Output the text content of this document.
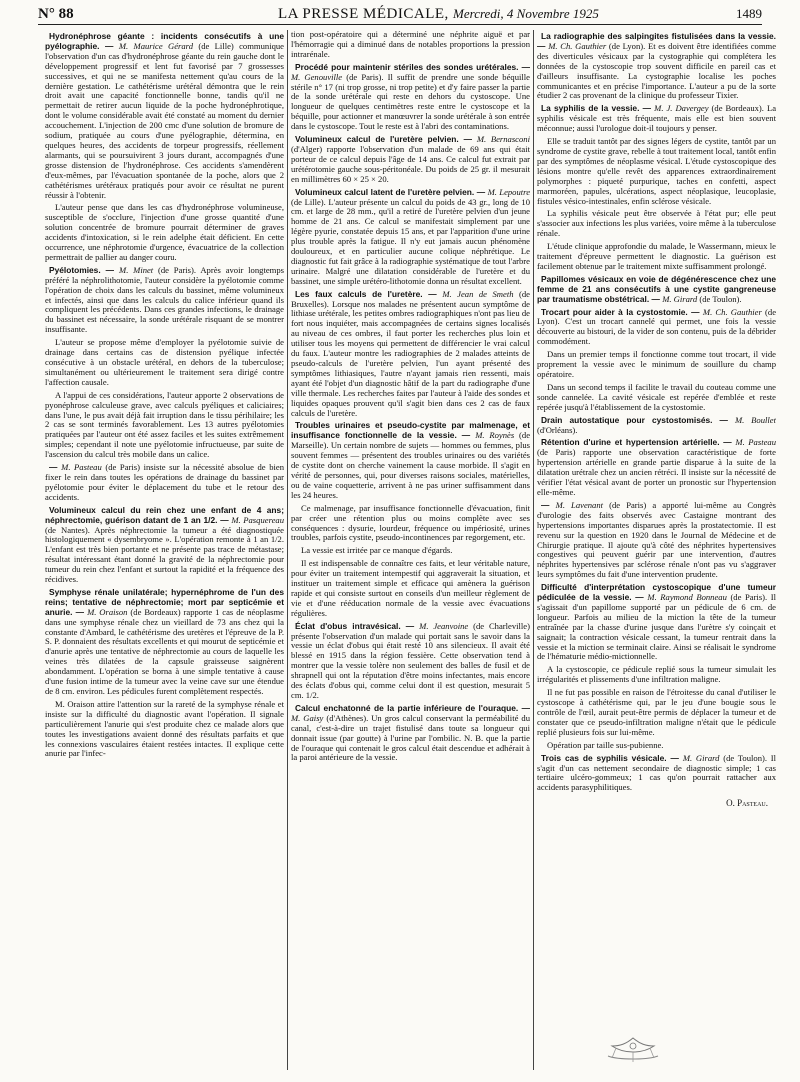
N° 88	LA PRESSE MÉDICALE, Mercredi, 4 Novembre 1925	1489

Hydronéphrose géante : incidents consécutifs à une pyélographie. — M. Maurice Gérard (de Lille) communique l'observation d'un cas d'hydronéphrose géante du rein gauche dont le développement progressif et lent fut favorisé par 7 grossesses successives, et qui ne se manifesta nettement qu'au cours de la dernière gestation. Le cathétérisme urétéral démontra que le rein droit avait une capacité fonctionnelle bonne, tandis qu'il ne permettait de retirer aucun liquide de la poche hydronéphrotique, dont le volume considérable avait été constaté au moment du dernier accouchement. L'injection de 200 cmc d'une solution de bromure de sodium, pratiquée au cours d'une pyélographie, détermina, en quelques heures, des accidents de torpeur progressifs, réellement alarmants, qui se poursuivirent 3 jours durant, accompagnés d'une grosse distension de l'hydronéphrose. Ces accidents s'amendèrent d'eux-mêmes, par l'évacuation spontanée de la poche, alors que 2 cathétérismes urétéraux pratiqués pour avoir ce résultat ne purent réussir à l'obtenir.

L'auteur pense que dans les cas d'hydronéphrose volumineuse, susceptible de s'occlure, l'injection d'une grosse quantité d'une solution concentrée de bromure pourrait déterminer de graves accidents d'intoxication, si le rein adelphe était déficient. En cette occurrence, une néphrotomie d'urgence, évacuatrice de la collection permettrait de pallier au danger couru.

Pyélotomies. — M. Minet (de Paris). Après avoir longtemps préféré la néphrolithotomie, l'auteur considère la pyélotomie comme l'opération de choix dans les calculs du bassinet, même volumineux et infectés, ainsi que dans les calculs du calice inférieur quand ils compliquent les précédents. Dans ces grandes infections, le drainage du bassinet est nécessaire, la sonde urétérale risquant de se montrer insuffisante.

L'auteur se propose même d'employer la pyélotomie suivie de drainage dans certains cas de distension pyélique infectée consécutive à un obstacle urétéral, en dehors de la tuberculose; simultanément ou ultérieurement le traitement sera dirigé contre l'affection causale.

A l'appui de ces considérations, l'auteur apporte 2 observations de pyonéphrose calculeuse grave, avec calculs pyéliques et caliciaires; dans l'une, le pus avait déjà fait irruption dans le tissu périhilaire; les 2 cas se sont terminés favorablement. Les 13 autres pyélotomies pratiquées par l'auteur ont été assez faciles et les suites extrêmement simples; cependant il note une pyélotomie infructueuse, par suite de l'ascension du calcul très mobile dans un calice.

— M. Pasteau (de Paris) insiste sur la nécessité absolue de bien fixer le rein dans toutes les opérations de drainage du bassinet par pyélotomie pour éviter le déplacement du tube et le retour des accidents.

Volumineux calcul du rein chez une enfant de 4 ans; néphrectomie, guérison datant de 1 an 1/2. — M. Pasquereau (de Nantes). Après néphrectomie la tumeur a été diagnostiquée histologiquement « dysembryome ». L'opération remonte à 1 an 1/2. L'enfant est très bien portante et ne présente pas trace de métastase; résultat intéressant étant donné la gravité de la néphrectomie pour tumeur du rein chez l'enfant et surtout la rapidité et la fréquence des récidives.

Symphyse rénale unilatérale; hypernéphrome de l'un des reins; tentative de néphrectomie; mort par septicémie et anurie. — M. Oraison (de Bordeaux) rapporte 1 cas de néoplasme dans une symphyse rénale chez un vieillard de 73 ans chez qui la constante d'Ambard, le cathétérisme des uretères et l'épreuve de la P. S. P. donnaient des résultats excellents et qui mourut de septicémie et d'anurie après une tentative de néphrectomie au cours de laquelle les veines très dilatées de la capsule graisseuse saignèrent abondamment. L'opération se borna à une simple tentative à cause d'une fusion intime de la tumeur avec la veine cave sur une étendue de 8 cm. environ. Les pédicules furent complètement respectés.

M. Oraison attire l'attention sur la rareté de la symphyse rénale et insiste sur la difficulté du diagnostic avant l'opération. Il signale particulièrement l'anurie qui s'est produite chez ce malade alors que toutes les investigations avaient donné des résultats parfaits et que les connexions vasculaires étaient restées intactes. Il explique cette anurie par l'infec-

tion post-opératoire qui a déterminé une néphrite aiguë et par l'hémorragie qui a diminué dans de notables proportions la pression intrarénale.

Procédé pour maintenir stériles des sondes urétérales. — M. Genouville (de Paris). Il suffit de prendre une sonde béquille stérile n° 17 (ni trop grosse, ni trop petite) et d'y faire passer la partie de la sonde urétérale qui reste en dehors du cystoscope. Une longueur de quelques centimètres reste entre le cystoscope et la béquille, pour actionner et manœuvrer la sonde urétérale à son entrée dans le cystoscope. Tout le reste est à l'abri des contaminations.

Volumineux calcul de l'uretère pelvien. — M. Bernasconi (d'Alger) rapporte l'observation d'un malade de 69 ans qui était porteur de ce calcul depuis l'âge de 14 ans. Ce calcul fut extrait par urétérotomie gauche sous-péritonéale. Du poids de 25 gr. il mesurait en millimètres 60 × 25 × 20.

Volumineux calcul latent de l'uretère pelvien. — M. Lepoutre (de Lille). L'auteur présente un calcul du poids de 43 gr., long de 10 cm. et large de 28 mm., qu'il a retiré de l'uretère pelvien d'un jeune homme de 21 ans. Ce calcul se manifestait simplement par une légère pyurie, constatée depuis 15 ans, et par l'apparition d'une urine plus trouble après la fatigue. Il n'y eut jamais aucun phénomène douloureux, et en particulier aucune colique néphrétique. Le diagnostic fut fait grâce à la radiographie systématique de tout l'arbre urinaire. Malgré une dilatation considérable de l'uretère et du bassinet, une simple urétéro-lithotomie donna un résultat excellent.

Les faux calculs de l'uretère. — M. Jean de Smeth (de Bruxelles). Lorsque nos malades ne présentent aucun symptôme de lithiase urétérale, les petites ombres radiographiques n'ont pas lieu de fort nous inquiéter, mais accompagnées de certains signes localisés au niveau de ces ombres, il faut porter les recherches plus loin et utiliser tous les moyens qui permettent de différencier le vrai calcul du faux. L'auteur montre les radiographies de 2 malades atteints de pseudo-calculs de l'uretère pelvien, l'un ayant présenté des symptômes lithiasiques, l'autre n'ayant jamais rien ressenti, mais ayant été l'objet d'un diagnostic hâtif de la part du radiographe d'une ville thermale. Les recherches faites par l'auteur à l'aide des sondes et liquides opaques prouvent qu'il s'agit bien dans ces 2 cas de faux calculs de l'uretère.

Troubles urinaires et pseudo-cystite par malmenage, et insuffisance fonctionnelle de la vessie. — M. Roynès (de Marseille). Un certain nombre de sujets — hommes ou femmes, plus souvent femmes — présentent des troubles urinaires ou des variétés de cystite dont on cherche vainement la cause morbide. Il s'agit en vérité de personnes, qui, pour diverses raisons sociales, matérielles, ou de vaine coquetterie, arrivent à ne pas uriner suffisamment dans les 24 heures.

Ce malmenage, par insuffisance fonctionnelle d'évacuation, finit par créer une rétention plus ou moins complète avec ses conséquences : dysurie, lourdeur, fréquence ou impériosité, urines troubles, parfois cystite, pseudo-incontinences par regorgement, etc.

La vessie est irritée par ce manque d'égards.

Il est indispensable de connaître ces faits, et leur véritable nature, pour éviter un traitement intempestif qui aggraverait la situation, et instituer un traitement simple et efficace qui amènera la guérison rapide et qui consiste surtout en conseils d'un meilleur règlement de vie et d'une rééducation normale de la vessie avec évacuations régulières.

Éclat d'obus intravésical. — M. Jeanvoine (de Charleville) présente l'observation d'un malade qui portait sans le savoir dans la vessie un éclat d'obus qui était resté 10 ans silencieux. Il avait été blessé en 1915 dans la région fessière. Cette observation tend à montrer que la vessie tolère non seulement des balles de fusil et de shrapnell qui ont la réputation d'être moins infectantes, mais encore des éclats d'obus qui, comme celui dont il est question, mesurait 5 cm. 1/2.

Calcul enchatonné de la partie inférieure de l'ouraque. — M. Gaisy (d'Athènes). Un gros calcul conservant la perméabilité du canal, c'est-à-dire un trajet fistulisé dans toute sa longueur qui donnait issue (par goutte) à l'urine par l'ombilic. N. B. que la partie de l'ouraque qui contenait le gros calcul était descendue et adhérait à la paroi antérieure de la vessie.

La radiographie des salpingites fistulisées dans la vessie. — M. Ch. Gauthier (de Lyon). Et es doivent être identifiées comme des diverticules vésicaux par la cystographie qui complétera les données de la cystoscopie trop souvent difficile en pareil cas et d'ailleurs insuffisante. La cystographie localise les poches communicantes et en précise l'importance. L'auteur a pu de la sorte étudier 2 cas provenant de la clinique du professeur Tixier.

La syphilis de la vessie. — M. J. Davergey (de Bordeaux). La syphilis vésicale est très fréquente, mais elle est bien souvent méconnue; aussi l'urologue doit-il toujours y penser.

Elle se traduit tantôt par des signes légers de cystite, tantôt par un syndrome de cystite grave, rebelle à tout traitement local, tantôt enfin par des symptômes de néoplasme vésical. L'étude cystoscopique des lésions montre qu'elle revêt des apparences extraordinairement polymorphes : piqueté purpurique, taches en confetti, aspect marmoréen, papules, ulcérations, aspect néoplasique, leucoplasie, fistules vésico-intestinales, enfin sclérose vésicale.

La syphilis vésicale peut être observée à l'état pur; elle peut s'associer aux infections les plus variées, voire même à la tuberculose rénale.

L'étude clinique approfondie du malade, le Wassermann, mieux le traitement d'épreuve permettent le diagnostic. La guérison est facilement obtenue par le traitement mixte suffisamment prolongé.

Papillomes vésicaux en voie de dégénérescence chez une femme de 21 ans consécutifs à une cystite gangreneuse par traumatisme obstétrical. — M. Girard (de Toulon).

Trocart pour aider à la cystostomie. — M. Ch. Gauthier (de Lyon). C'est un trocart cannelé qui permet, une fois la vessie découverte au bistouri, de la vider de son contenu, puis de la débrider commodément.

Dans un premier temps il fonctionne comme tout trocart, il vide proprement la vessie avec le minimum de souillure du champ opératoire.

Dans un second temps il facilite le travail du couteau comme une sonde cannelée. La cavité vésicale est repérée d'emblée et reste repérée jusqu'à l'établissement de la cystostomie.

Drain autostatique pour cystostomisés. — M. Boullet (d'Orléans).

Rétention d'urine et hypertension artérielle. — M. Pasteau (de Paris) rapporte une observation caractéristique de forte hypertension artérielle en grande partie disparue à la suite de la dilatation urétrale chez un ancien rétréci. Il insiste sur la nécessité de vérifier l'état vésical avant de porter un pronostic sur l'hypertension elle-même.

— M. Lavenant (de Paris) a apporté lui-même au Congrès d'urologie des faits observés avec Castaigne montrant des hypertensions importantes disparues après la prostatectomie. Il est revenu sur la question en 1920 dans le Journal de Médecine et de Chirurgie pratique. Il ajoute qu'à côté des néphrites hypertensives congestives qui peuvent guérir par une intervention, d'autres néphrites hypertensives par sclérose rénale n'ont pas vu s'aggraver leurs symptômes du fait d'une intervention prudente.

Difficulté d'interprétation cystoscopique d'une tumeur pédiculée de la vessie. — M. Raymond Bonneau (de Paris). Il s'agissait d'un papillome supporté par un pédicule de 6 cm. de longueur. Parfois au milieu de la miction la tête de la tumeur entraînée par la chasse d'urine jusque dans l'urètre s'y coinçait et saignait; la contraction vésicale cessant, la tumeur rentrait dans la vessie et la miction se terminait claire. Ainsi se réalisait le syndrome de l'hématurie médio-mictionnelle.

A la cystoscopie, ce pédicule replié sous la tumeur simulait les irrégularités et plissements d'une infiltration maligne.

Il ne fut pas possible en raison de l'étroitesse du canal d'utiliser le cystoscope à cathétérisme qui, par le jeu d'une bougie sous le contrôle de l'œil, aurait peut-être permis de déplacer la tumeur et de constater que ce pseudo-infiltration maligne n'était que le pédicule replié plusieurs fois sur lui-même.

Opération par taille sus-pubienne.

Trois cas de syphilis vésicale. — M. Girard (de Toulon). Il s'agit d'un cas nettement secondaire de diagnostic simple; 1 cas tertiaire ulcéro-gommeux; 1 cas qu'on pourrait rattacher aux accidents parasyphilitiques.

O. Pasteau.
